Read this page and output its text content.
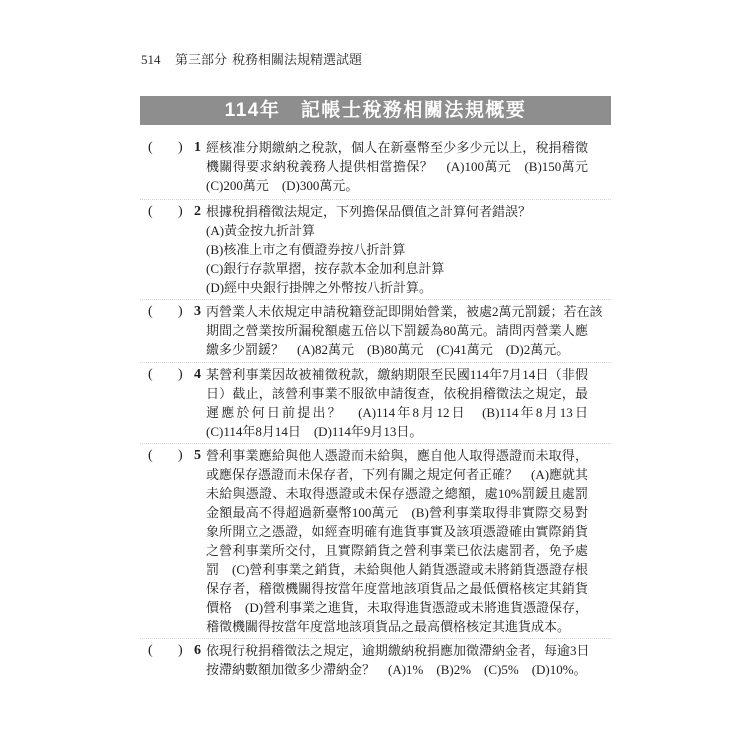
514 第三部分 稅務相關法規精選試題
114年　記帳士稅務相關法規概要
( ) 1 經核准分期繳納之稅款，個人在新臺幣至少多少元以上，稅捐稽徵
機關得要求納稅義務人提供相當擔保？　(A)100萬元　(B)150萬元
(C)200萬元　(D)300萬元。
( ) 2 根據稅捐稽徵法規定，下列擔保品價值之計算何者錯誤？
(A)黃金按九折計算
(B)核准上市之有價證券按八折計算
(C)銀行存款單摺，按存款本金加利息計算
(D)經中央銀行掛牌之外幣按八折計算。
( ) 3 丙營業人未依規定申請稅籍登記即開始營業，被處2萬元罰鍰；若在該
期間之營業按所漏稅額處五倍以下罰鍰為80萬元。請問丙營業人應
繳多少罰鍰？　(A)82萬元　(B)80萬元　(C)41萬元　(D)2萬元。
( ) 4 某營利事業因故被補徵稅款，繳納期限至民國114年7月14日（非假
日）截止，該營利事業不服欲申請復查，依稅捐稽徵法之規定，最
遲應於何日前提出？　(A)114年8月12日　(B)114年8月13日
(C)114年8月14日　(D)114年9月13日。
( ) 5 營利事業應給與他人憑證而未給與，應自他人取得憑證而未取得，
或應保存憑證而未保存者，下列有關之規定何者正確？　(A)應就其
未給與憑證、未取得憑證或未保存憑證之總額，處10%罰鍰且處罰
金額最高不得超過新臺幣100萬元　(B)營利事業取得非實際交易對
象所開立之憑證，如經查明確有進貨事實及該項憑證確由實際銷貨
之營利事業所交付，且實際銷貨之營利事業已依法處罰者，免予處
罰　(C)營利事業之銷貨，未給與他人銷貨憑證或未將銷貨憑證存根
保存者，稽徵機關得按當年度當地該項貨品之最低價格核定其銷貨
價格　(D)營利事業之進貨，未取得進貨憑證或未將進貨憑證保存，
稽徵機關得按當年度當地該項貨品之最高價格核定其進貨成本。
( ) 6 依現行稅捐稽徵法之規定，逾期繳納稅捐應加徵滯納金者，每逾3日
按滯納數額加徵多少滯納金？　(A)1%　(B)2%　(C)5%　(D)10%。
